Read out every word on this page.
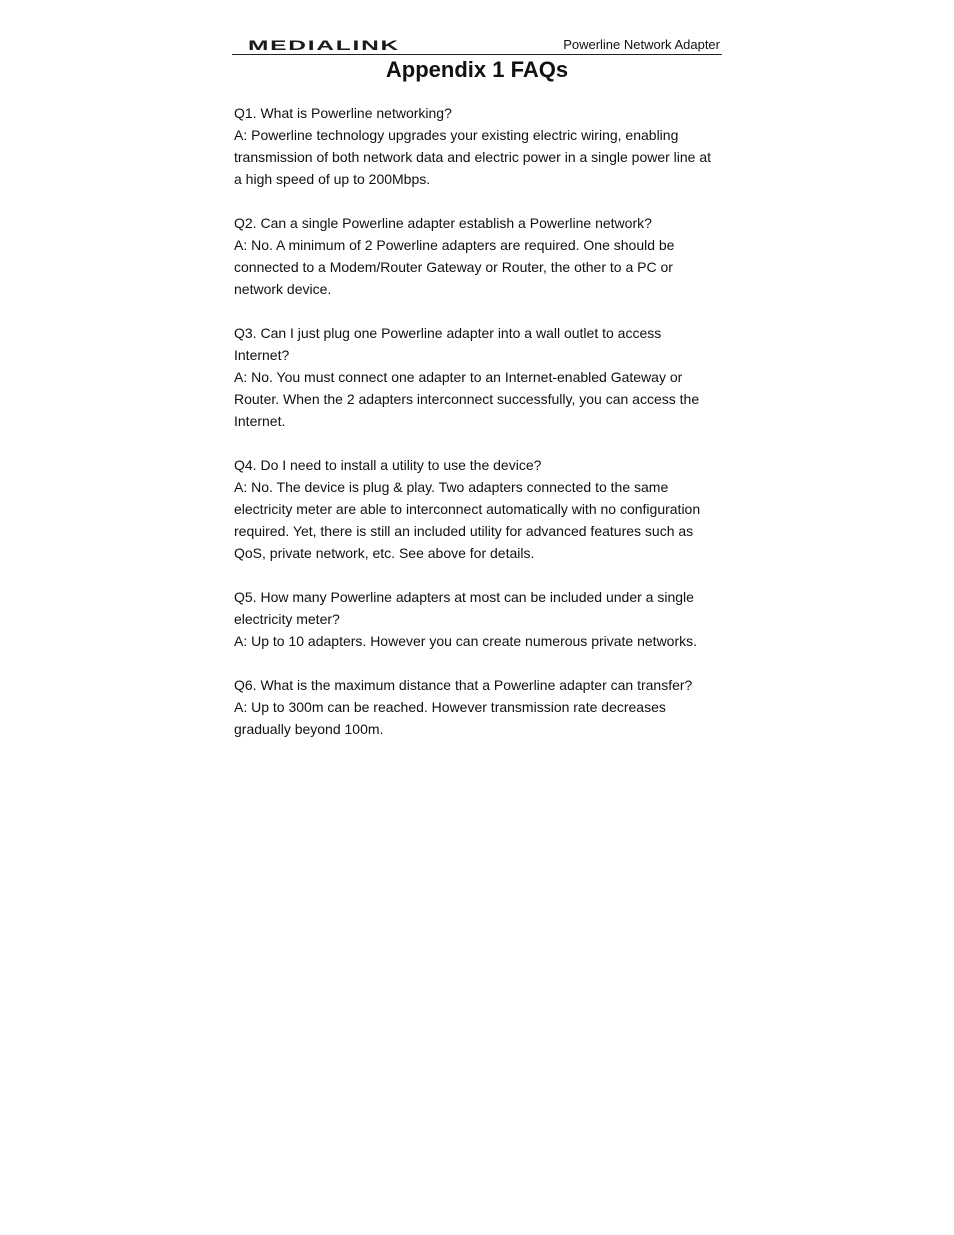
MEDIALINK	Powerline Network Adapter
Appendix 1 FAQs

Q1. What is Powerline networking?

A: Powerline technology upgrades your existing electric wiring, enabling transmission of both network data and electric power in a single power line at a high speed of up to 200Mbps.

Q2. Can a single Powerline adapter establish a Powerline network?

A: No. A minimum of 2 Powerline adapters are required. One should be connected to a Modem/Router Gateway or Router, the other to a PC or network device.

Q3. Can I just plug one Powerline adapter into a wall outlet to access Internet?

A: No. You must connect one adapter to an Internet-enabled Gateway or Router. When the 2 adapters interconnect successfully, you can access the Internet.

Q4. Do I need to install a utility to use the device?

A: No. The device is plug & play. Two adapters connected to the same electricity meter are able to interconnect automatically with no configuration required. Yet, there is still an included utility for advanced features such as QoS, private network, etc. See above for details.

Q5. How many Powerline adapters at most can be included under a single electricity meter?

A: Up to 10 adapters. However you can create numerous private networks.

Q6. What is the maximum distance that a Powerline adapter can transfer?

A: Up to 300m can be reached. However transmission rate decreases gradually beyond 100m.
